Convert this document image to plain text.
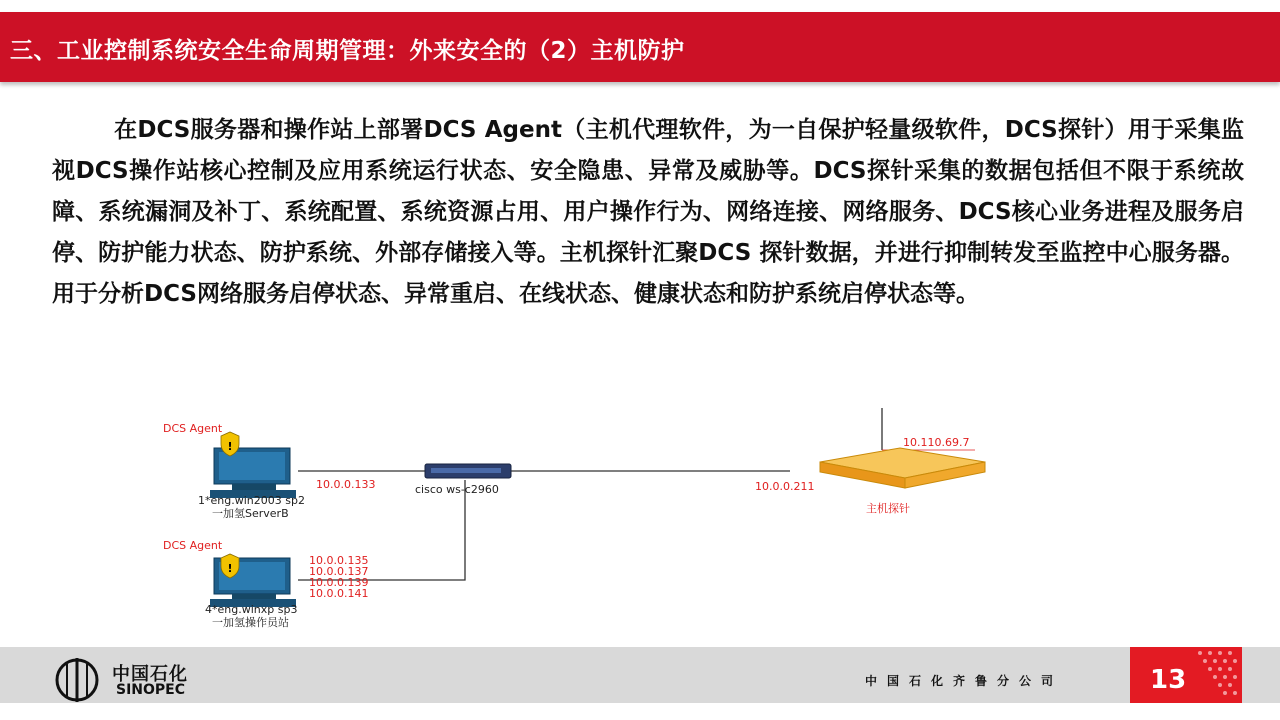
三、工业控制系统安全生命周期管理：外来安全的（2）主机防护
在DCS服务器和操作站上部署DCS Agent（主机代理软件，为一自保护轻量级软件，DCS探针）用于采集监视DCS操作站核心控制及应用系统运行状态、安全隐患、异常及威胁等。DCS探针采集的数据包括但不限于系统故障、系统漏洞及补丁、系统配置、系统资源占用、用户操作行为、网络连接、网络服务、DCS核心业务进程及服务启停、防护能力状态、防护系统、外部存储接入等。主机探针汇聚DCS 探针数据，并进行抑制转发至监控中心服务器。用于分析DCS网络服务启停状态、异常重启、在线状态、健康状态和防护系统启停状态等。
!
!
DCS Agent
10.0.0.133
1*eng.win2003 sp2
一加氢ServerB
cisco ws-c2960	10.0.0.211
10.110.69.7
主机探针
DCS Agent
10.0.0.135
10.0.0.137
10.0.0.139
10.0.0.141
4*eng.winxp sp3
一加氢操作员站
中国石化
SINOPEC
中国石化齐鲁分公司	13
